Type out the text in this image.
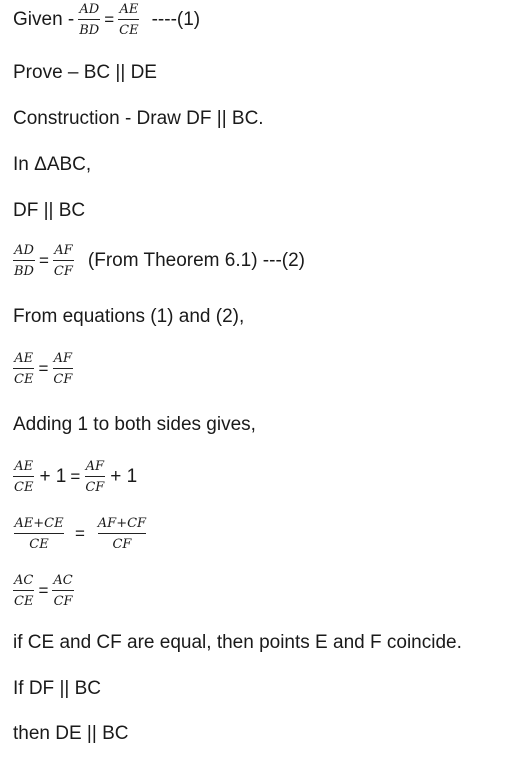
Given - $\frac{AD}{BD} = \frac{AE}{CE} ----(1)$
Prove – BC || DE
Construction - Draw DF || BC.
In ΔABC,
DF || BC
$\frac{AD}{BD} = \frac{AF}{CF}$ (From Theorem 6.1) ---(2)
From equations (1) and (2),
$\frac{AE}{CE} = \frac{AF}{CF}$
Adding 1 to both sides gives,
$\frac{AE}{CE} + 1 = \frac{AF}{CF} + 1$
$\frac{AE+CE}{CE} = \frac{AF+CF}{CF}$
$\frac{AC}{CE} = \frac{AC}{CF}$
if CE and CF are equal, then points E and F coincide.
If DF || BC
then DE || BC
